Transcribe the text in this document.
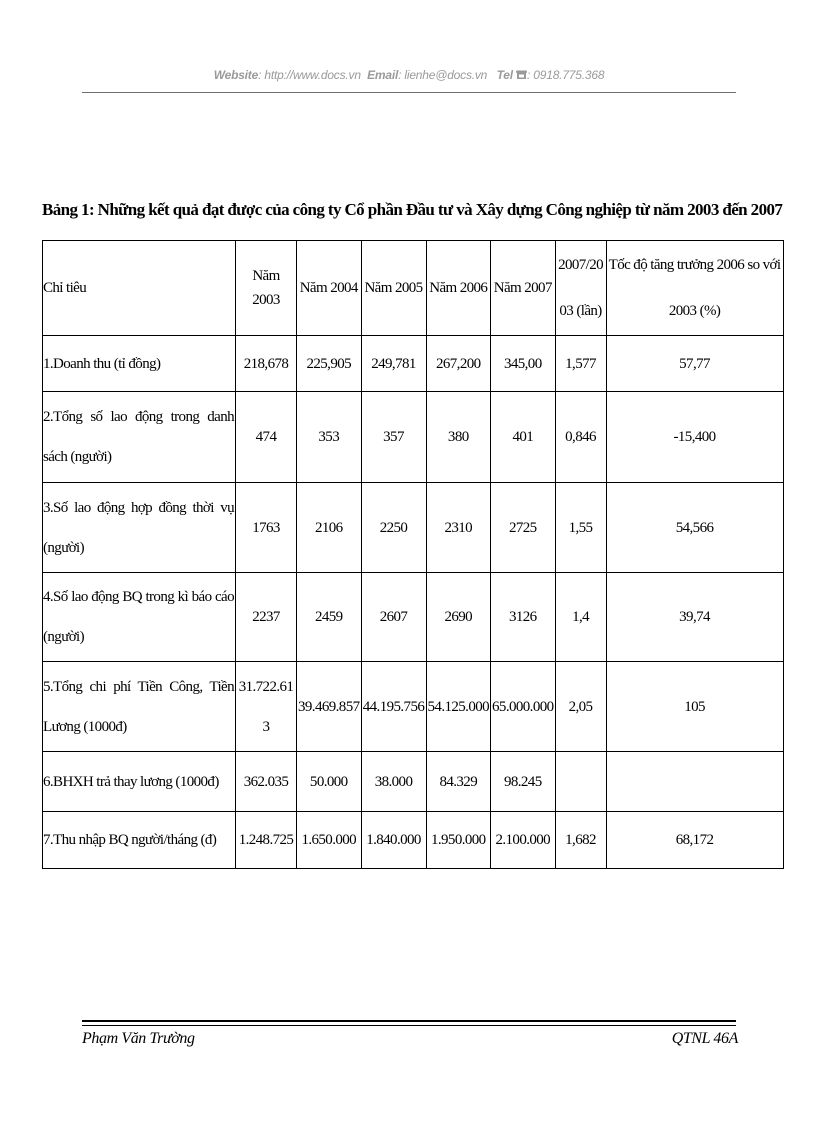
Website: http://www.docs.vn Email: lienhe@docs.vn Tel : 0918.775.368
Bảng 1: Những kết quả đạt được của công ty Cổ phần Đầu tư và Xây dựng Công nghiệp từ năm 2003 đến 2007
Chỉ tiêu	Năm 2003	Năm 2004	Năm 2005	Năm 2006	Năm 2007	2007/2003 (lần)	Tốc độ tăng trưởng 2006 so với 2003 (%)
1.Doanh thu (tỉ đồng)	218,678	225,905	249,781	267,200	345,00	1,577	57,77
2.Tổng số lao động trong danh sách (người)	474	353	357	380	401	0,846	-15,400
3.Số lao động hợp đồng thời vụ (người)	1763	2106	2250	2310	2725	1,55	54,566
4.Số lao động BQ trong kì báo cáo (người)	2237	2459	2607	2690	3126	1,4	39,74
5.Tổng chi phí Tiền Công, Tiền Lương (1000đ)	31.722.613	39.469.857	44.195.756	54.125.000	65.000.000	2,05	105
6.BHXH trả thay lương (1000đ)	362.035	50.000	38.000	84.329	98.245		
7.Thu nhập BQ người/tháng (đ)	1.248.725	1.650.000	1.840.000	1.950.000	2.100.000	1,682	68,172
Phạm Văn Trường	QTNL 46A
